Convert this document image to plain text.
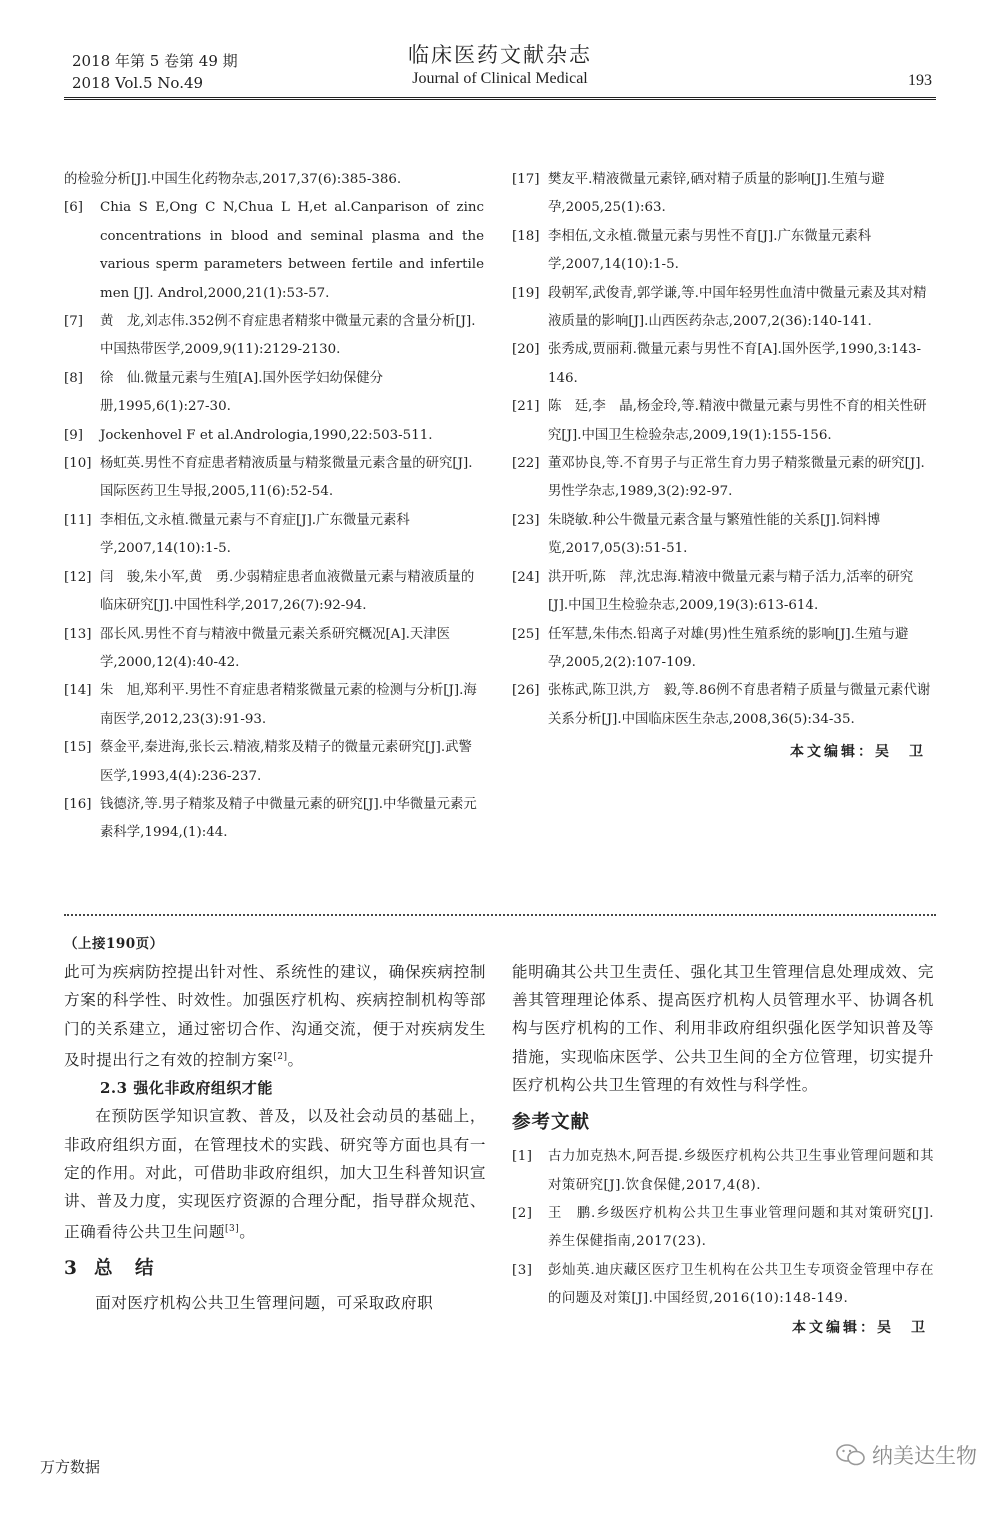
2018 年第 5 卷第 49 期
2018 Vol.5 No.49
临床医药文献杂志
Journal of Clinical Medical	193
的检验分析[J].中国生化药物杂志,2017,37(6):385-386.
[6] Chia S E,Ong C N,Chua L H,et al.Canparison of zinc concentrations in blood and seminal plasma and the various sperm parameters between fertile and infertile men [J]. Androl,2000,21(1):53-57.
[7] 黄　龙,刘志伟.352例不育症患者精浆中微量元素的含量分析[J].中国热带医学,2009,9(11):2129-2130.
[8] 徐　仙.微量元素与生殖[A].国外医学妇幼保健分册,1995,6(1):27-30.
[9] Jockenhovel F et al.Andrologia,1990,22:503-511.
[10] 杨虹英.男性不育症患者精液质量与精浆微量元素含量的研究[J].国际医药卫生导报,2005,11(6):52-54.
[11] 李相伍,文永植.微量元素与不育症[J].广东微量元素科学,2007,14(10):1-5.
[12] 闫　骏,朱小军,黄　勇.少弱精症患者血液微量元素与精液质量的临床研究[J].中国性科学,2017,26(7):92-94.
[13] 邵长风.男性不育与精液中微量元素关系研究概况[A].天津医学,2000,12(4):40-42.
[14] 朱　旭,郑利平.男性不育症患者精浆微量元素的检测与分析[J].海南医学,2012,23(3):91-93.
[15] 蔡金平,秦进海,张长云.精液,精浆及精子的微量元素研究[J].武警医学,1993,4(4):236-237.
[16] 钱德济,等.男子精浆及精子中微量元素的研究[J].中华微量元素元素科学,1994,(1):44.
[17] 樊友平.精液微量元素锌,硒对精子质量的影响[J].生殖与避孕,2005,25(1):63.
[18] 李相伍,文永植.微量元素与男性不育[J].广东微量元素科学,2007,14(10):1-5.
[19] 段朝军,武俊青,郭学谦,等.中国年轻男性血清中微量元素及其对精液质量的影响[J].山西医药杂志,2007,2(36):140-141.
[20] 张秀成,贾丽莉.微量元素与男性不育[A].国外医学,1990,3:143-146.
[21] 陈　廷,李　晶,杨金玲,等.精液中微量元素与男性不育的相关性研究[J].中国卫生检验杂志,2009,19(1):155-156.
[22] 董邓协良,等.不育男子与正常生育力男子精浆微量元素的研究[J].男性学杂志,1989,3(2):92-97.
[23] 朱晓敏.种公牛微量元素含量与繁殖性能的关系[J].饲料博览,2017,05(3):51-51.
[24] 洪开听,陈　萍,沈忠海.精液中微量元素与精子活力,活率的研究[J].中国卫生检验杂志,2009,19(3):613-614.
[25] 任军慧,朱伟杰.铅离子对雄(男)性生殖系统的影响[J].生殖与避孕,2005,2(2):107-109.
[26] 张栋武,陈卫洪,方　毅,等.86例不育患者精子质量与微量元素代谢关系分析[J].中国临床医生杂志,2008,36(5):34-35.
本文编辑：吴　卫
（上接190页）

此可为疾病防控提出针对性、系统性的建议，确保疾病控制方案的科学性、时效性。加强医疗机构、疾病控制机构等部门的关系建立，通过密切合作、沟通交流，便于对疾病发生及时提出行之有效的控制方案[2]。

2.3 强化非政府组织才能

在预防医学知识宣教、普及，以及社会动员的基础上，非政府组织方面，在管理技术的实践、研究等方面也具有一定的作用。对此，可借助非政府组织，加大卫生科普知识宣讲、普及力度，实现医疗资源的合理分配，指导群众规范、正确看待公共卫生问题[3]。

3 总　结

面对医疗机构公共卫生管理问题，可采取政府职

能明确其公共卫生责任、强化其卫生管理信息处理成效、完善其管理理论体系、提高医疗机构人员管理水平、协调各机构与医疗机构的工作、利用非政府组织强化医学知识普及等措施，实现临床医学、公共卫生间的全方位管理，切实提升医疗机构公共卫生管理的有效性与科学性。

参考文献
[1] 古力加克热木,阿吾提.乡级医疗机构公共卫生事业管理问题和其对策研究[J].饮食保健,2017,4(8).
[2] 王　鹏.乡级医疗机构公共卫生事业管理问题和其对策研究[J].养生保健指南,2017(23).
[3] 彭灿英.迪庆藏区医疗卫生机构在公共卫生专项资金管理中存在的问题及对策[J].中国经贸,2016(10):148-149.
本文编辑：吴　卫
万方数据	纳美达生物
